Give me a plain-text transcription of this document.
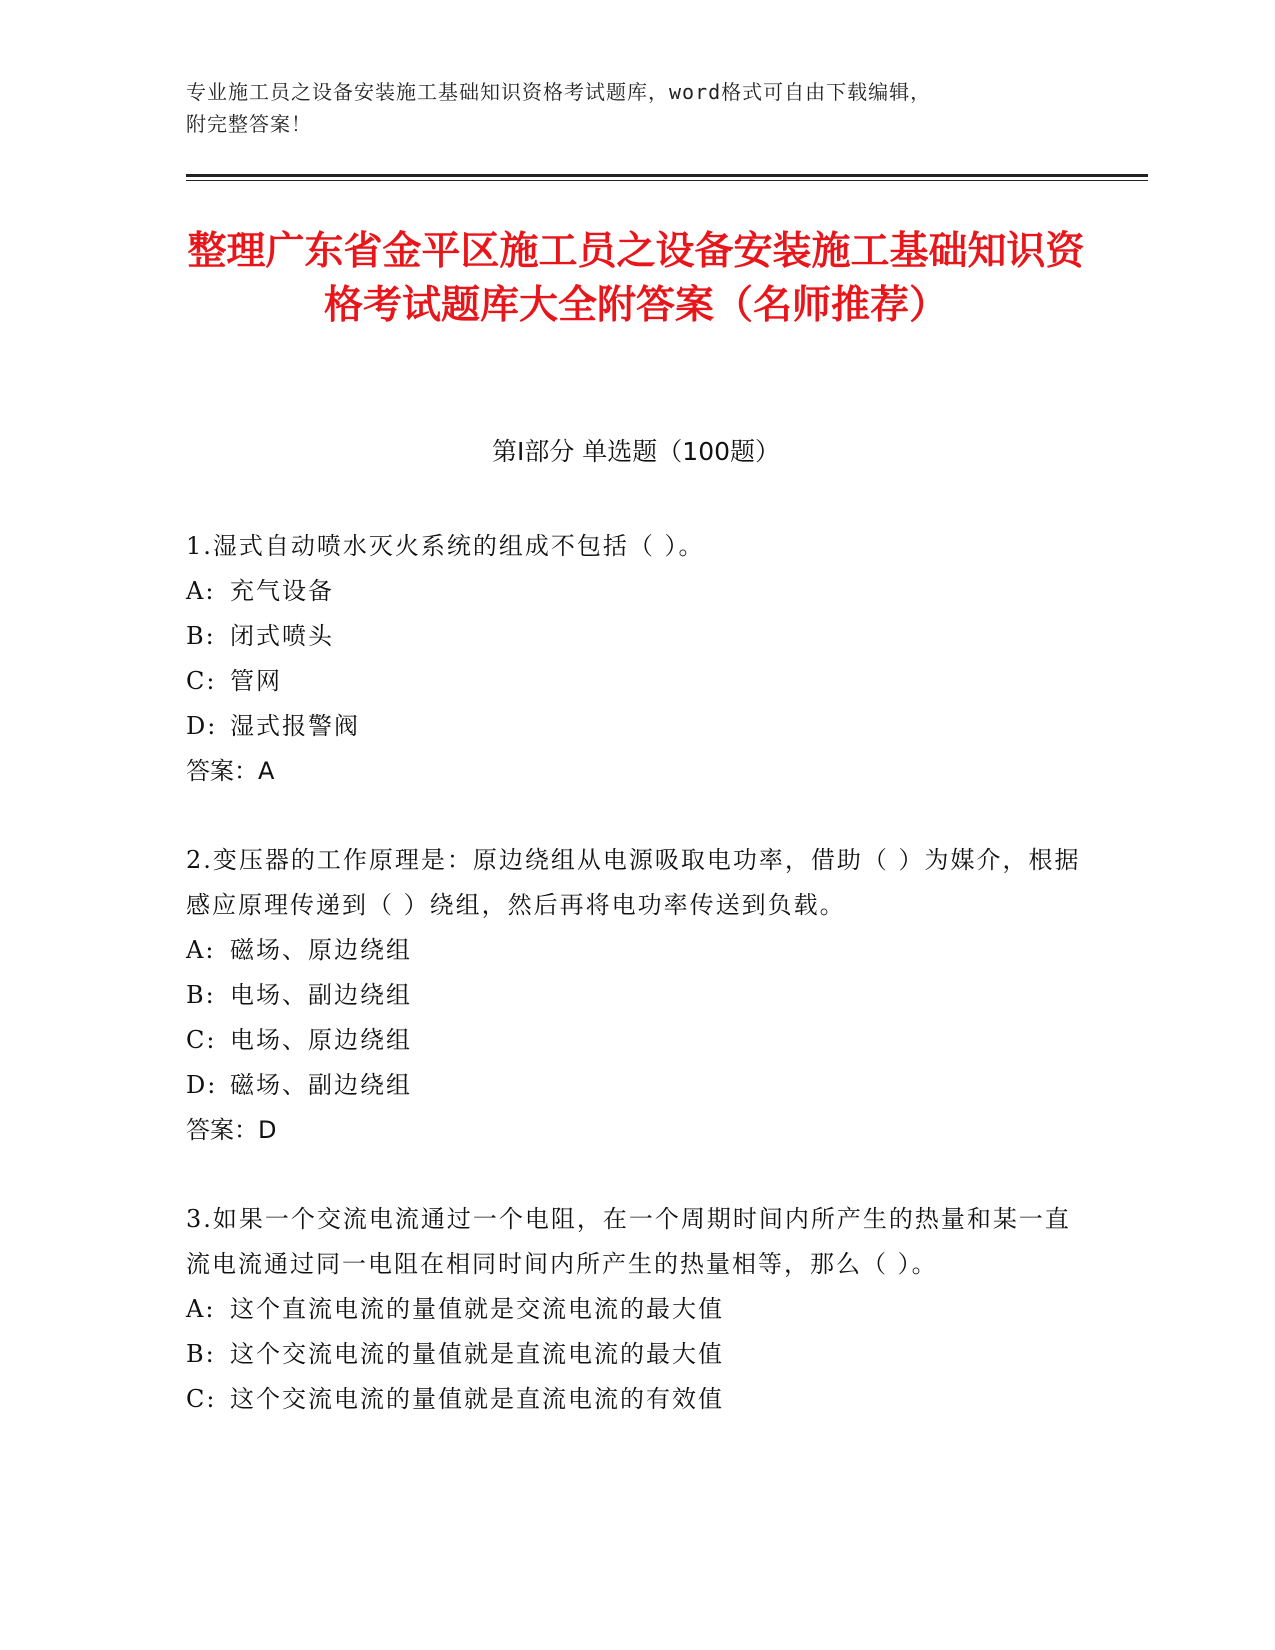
专业施工员之设备安装施工基础知识资格考试题库，word格式可自由下载编辑，
附完整答案！
整理广东省金平区施工员之设备安装施工基础知识资格考试题库大全附答案（名师推荐）
第Ⅰ部分 单选题（100题）

1.湿式自动喷水灭火系统的组成不包括（ ）。

A: 充气设备

B: 闭式喷头

C: 管网

D: 湿式报警阀

答案：A

2.变压器的工作原理是：原边绕组从电源吸取电功率，借助（ ）为媒介，根据感应原理传递到（ ）绕组，然后再将电功率传送到负载。

A: 磁场、原边绕组

B: 电场、副边绕组

C: 电场、原边绕组

D: 磁场、副边绕组

答案：D

3.如果一个交流电流通过一个电阻，在一个周期时间内所产生的热量和某一直流电流通过同一电阻在相同时间内所产生的热量相等，那么（ ）。

A: 这个直流电流的量值就是交流电流的最大值

B: 这个交流电流的量值就是直流电流的最大值

C: 这个交流电流的量值就是直流电流的有效值
